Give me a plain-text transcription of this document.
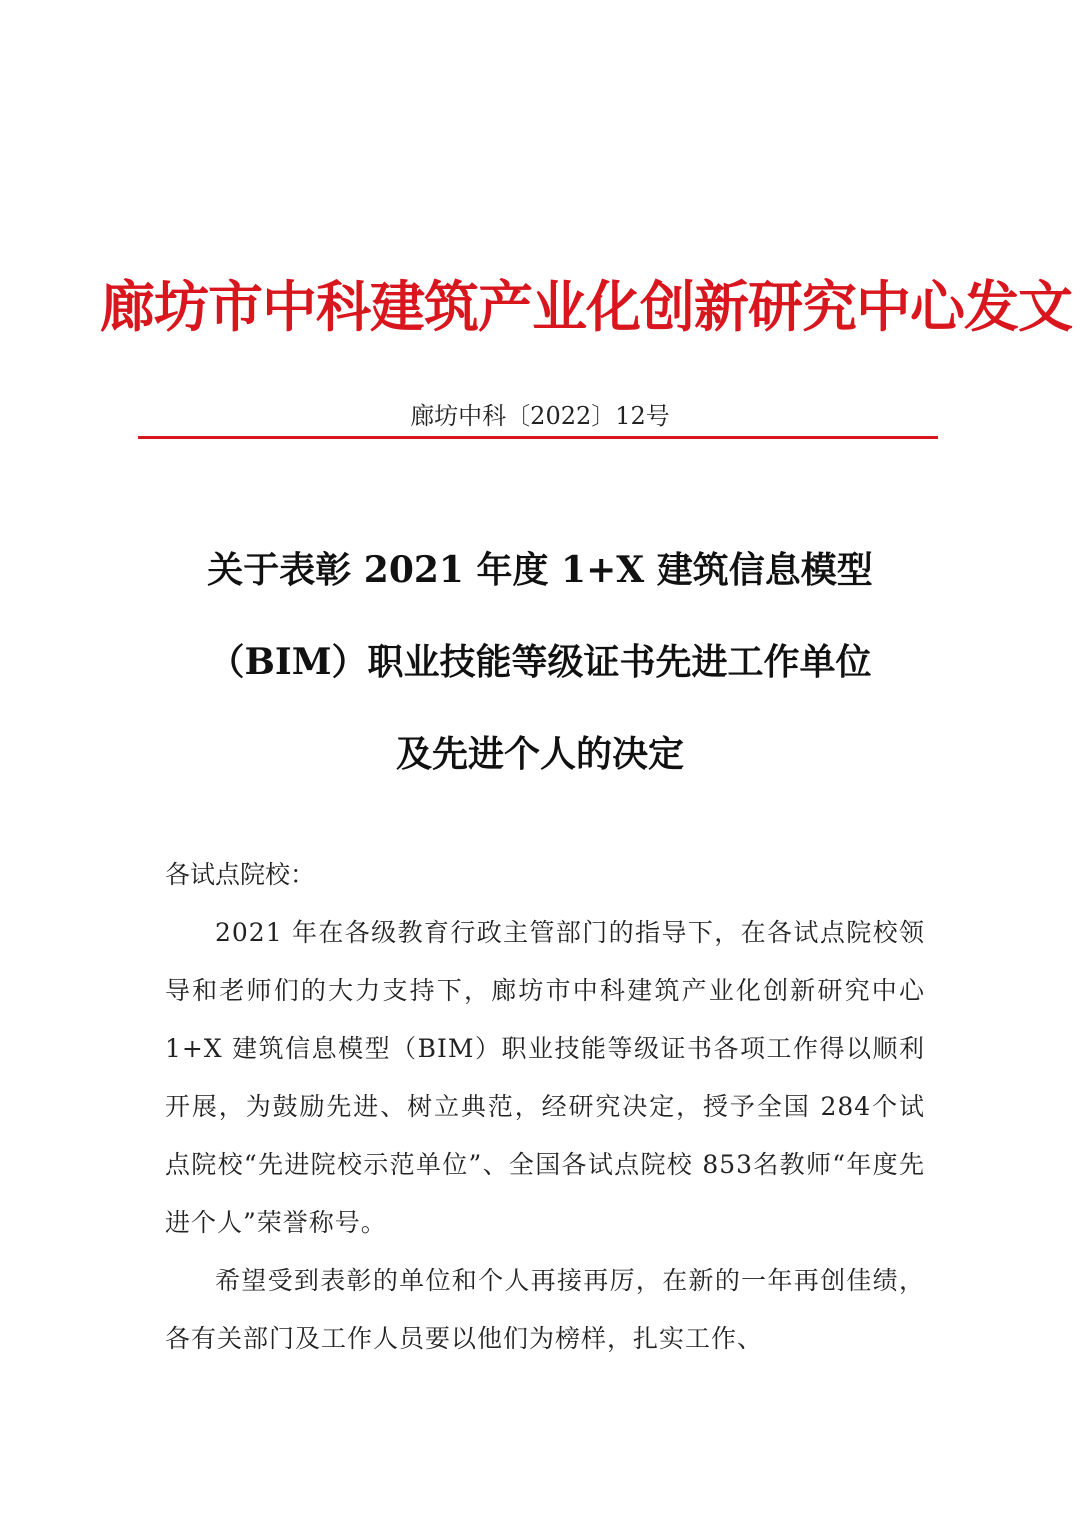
廊坊市中科建筑产业化创新研究中心发文
廊坊中科〔2022〕12号
关于表彰 2021 年度 1+X 建筑信息模型
（BIM）职业技能等级证书先进工作单位
及先进个人的决定
各试点院校：

2021 年在各级教育行政主管部门的指导下，在各试点院校领导和老师们的大力支持下，廊坊市中科建筑产业化创新研究中心 1+X 建筑信息模型（BIM）职业技能等级证书各项工作得以顺利开展，为鼓励先进、树立典范，经研究决定，授予全国 284个试点院校“先进院校示范单位”、全国各试点院校 853名教师“年度先进个人”荣誉称号。

希望受到表彰的单位和个人再接再厉，在新的一年再创佳绩，各有关部门及工作人员要以他们为榜样，扎实工作、
